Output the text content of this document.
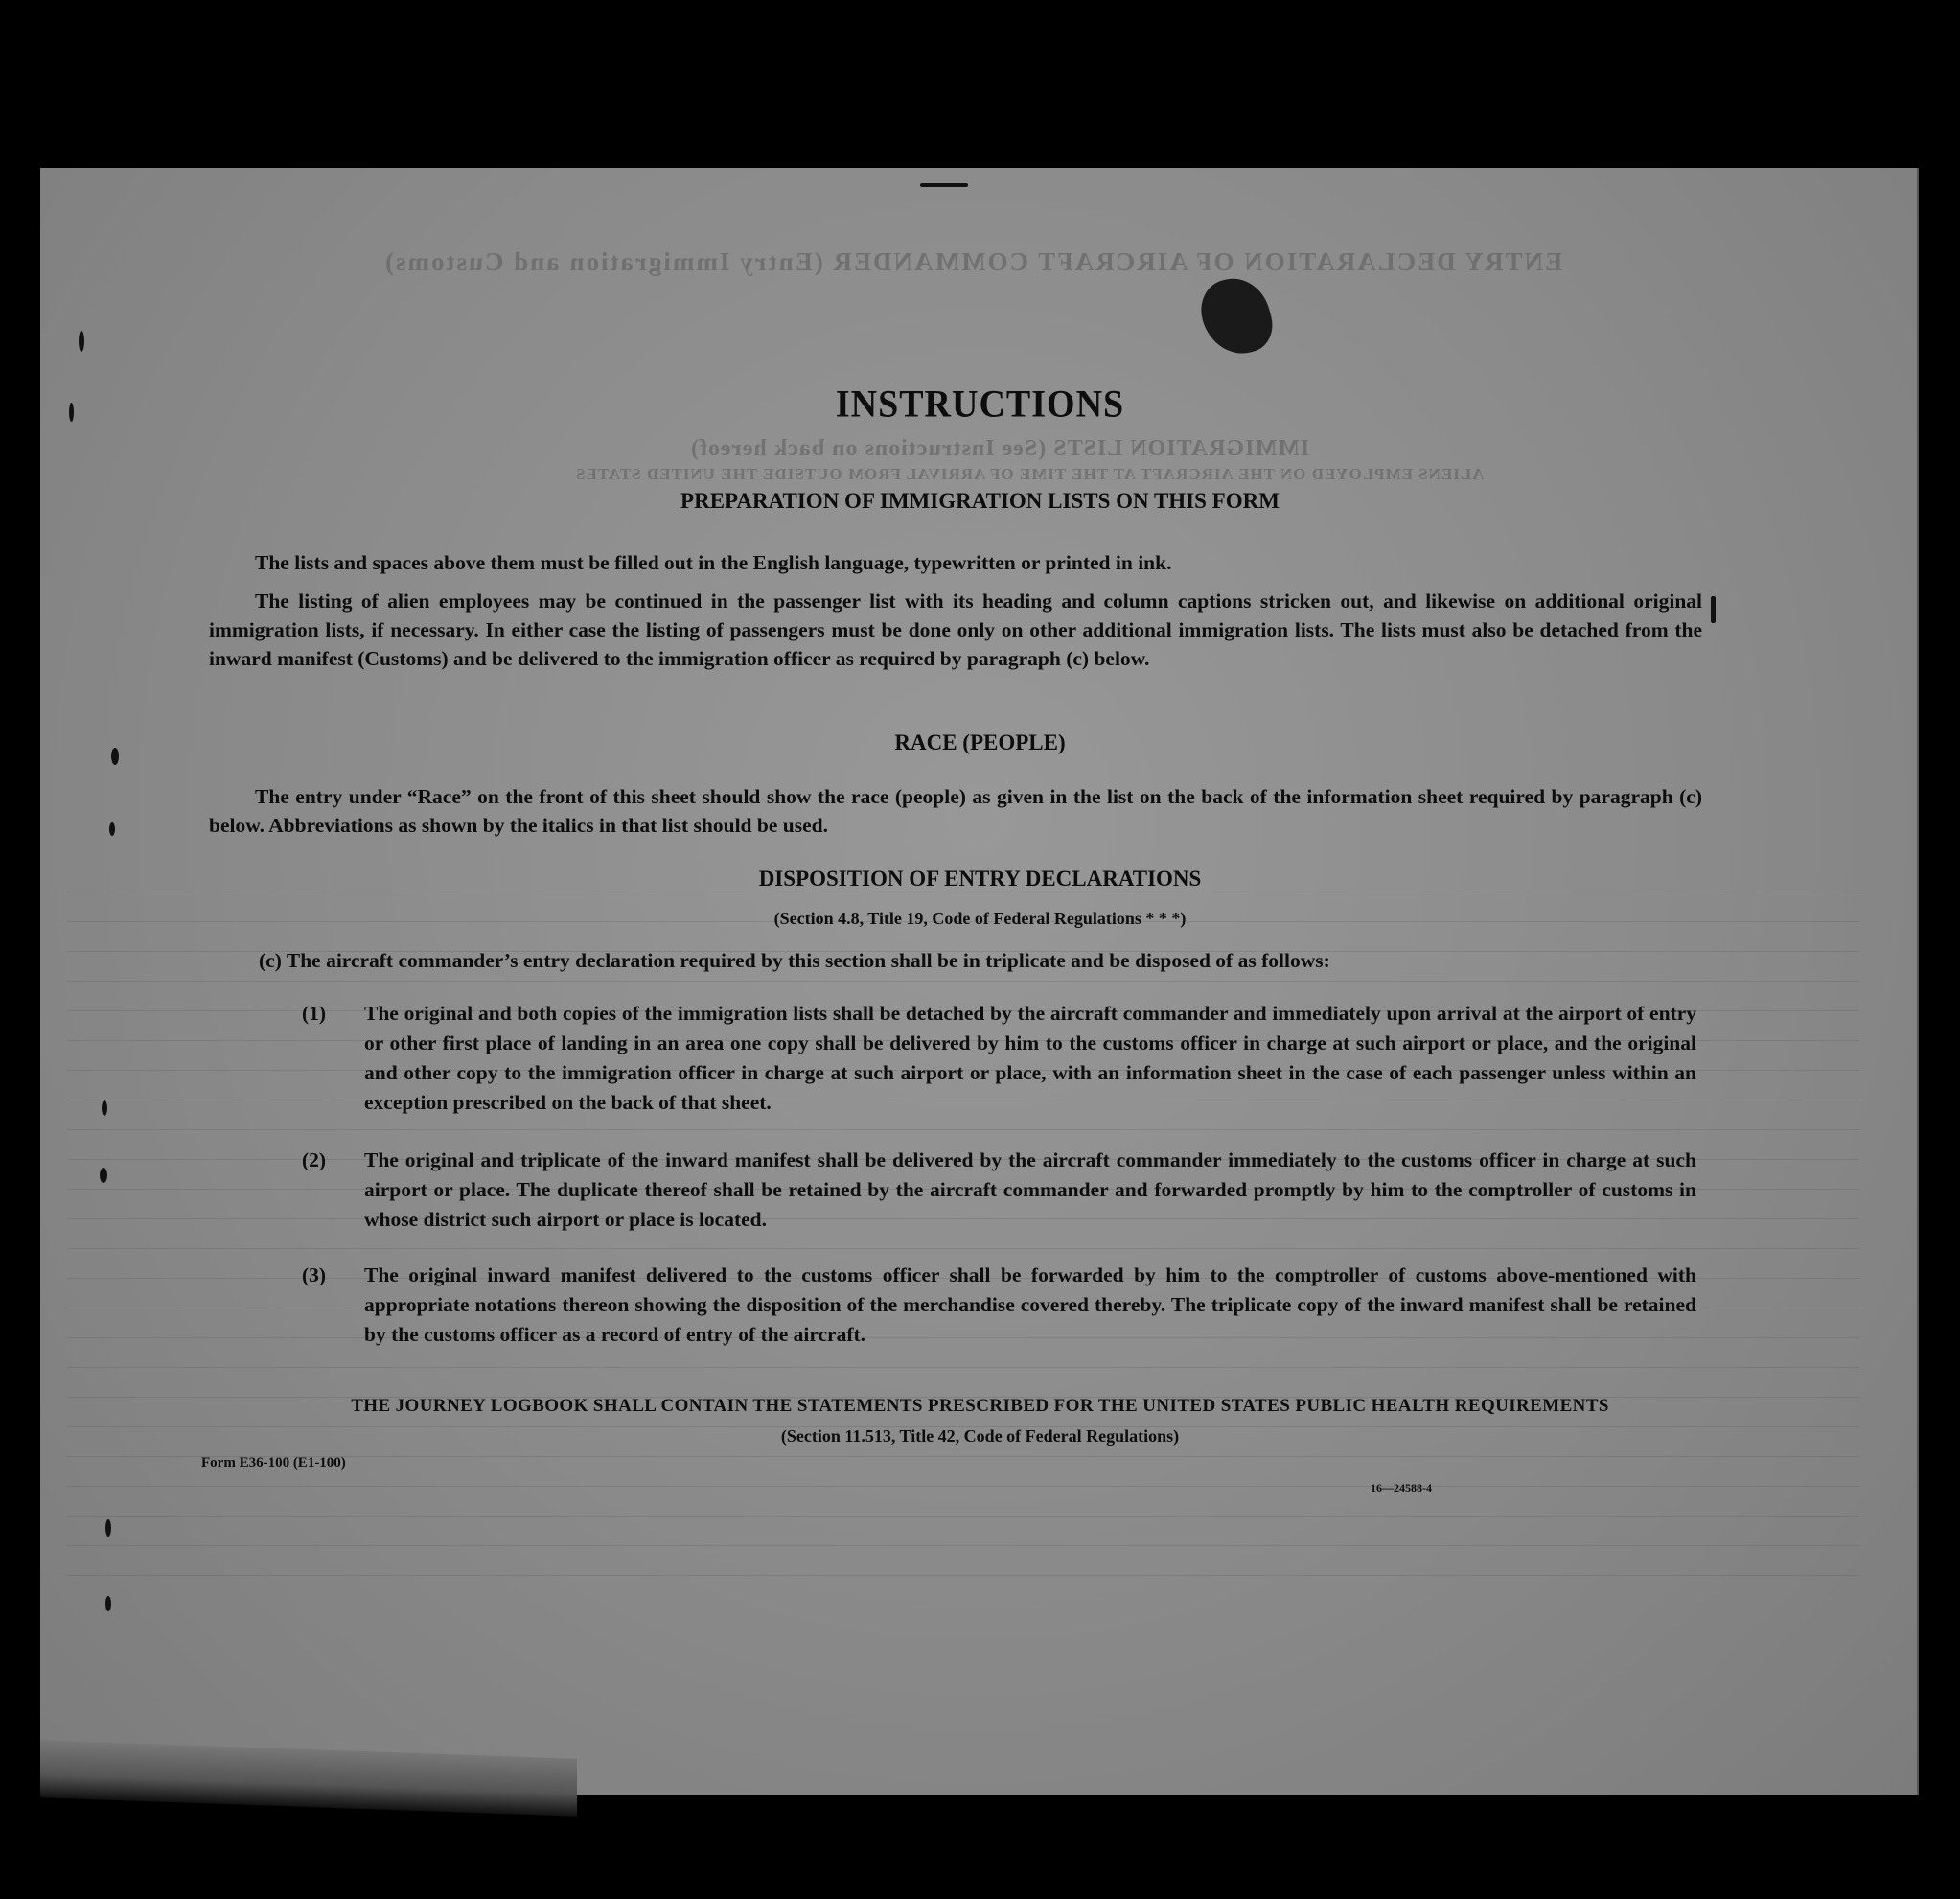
ENTRY DECLARATION OF AIRCRAFT COMMANDER (Entry Immigration and Customs)
IMMIGRATION LISTS (See Instructions on back hereof)
ALIENS EMPLOYED ON THE AIRCRAFT AT THE TIME OF ARRIVAL FROM OUTSIDE THE UNITED STATES
INSTRUCTIONS
PREPARATION OF IMMIGRATION LISTS ON THIS FORM

The lists and spaces above them must be filled out in the English language, typewritten or printed in ink.

The listing of alien employees may be continued in the passenger list with its heading and column captions stricken out, and likewise on additional original immigration lists, if necessary. In either case the listing of passengers must be done only on other additional immigration lists. The lists must also be detached from the inward manifest (Customs) and be delivered to the immigration officer as required by paragraph (c) below.

RACE (PEOPLE)

The entry under “Race” on the front of this sheet should show the race (people) as given in the list on the back of the information sheet required by paragraph (c) below. Abbreviations as shown by the italics in that list should be used.

DISPOSITION OF ENTRY DECLARATIONS
(Section 4.8, Title 19, Code of Federal Regulations * * *)

(c) The aircraft commander’s entry declaration required by this section shall be in triplicate and be disposed of as follows:

(1)	The original and both copies of the immigration lists shall be detached by the aircraft commander and immediately upon arrival at the airport of entry or other first place of landing in an area one copy shall be delivered by him to the customs officer in charge at such airport or place, and the original and other copy to the immigration officer in charge at such airport or place, with an information sheet in the case of each passenger unless within an exception prescribed on the back of that sheet.
(2)	The original and triplicate of the inward manifest shall be delivered by the aircraft commander immediately to the customs officer in charge at such airport or place. The duplicate thereof shall be retained by the aircraft commander and forwarded promptly by him to the comptroller of customs in whose district such airport or place is located.
(3)	The original inward manifest delivered to the customs officer shall be forwarded by him to the comptroller of customs above-mentioned with appropriate notations thereon showing the disposition of the merchandise covered thereby. The triplicate copy of the inward manifest shall be retained by the customs officer as a record of entry of the aircraft.
THE JOURNEY LOGBOOK SHALL CONTAIN THE STATEMENTS PRESCRIBED FOR THE UNITED STATES PUBLIC HEALTH REQUIREMENTS
(Section 11.513, Title 42, Code of Federal Regulations)
Form E36-100 (E1-100)
16—24588-4
